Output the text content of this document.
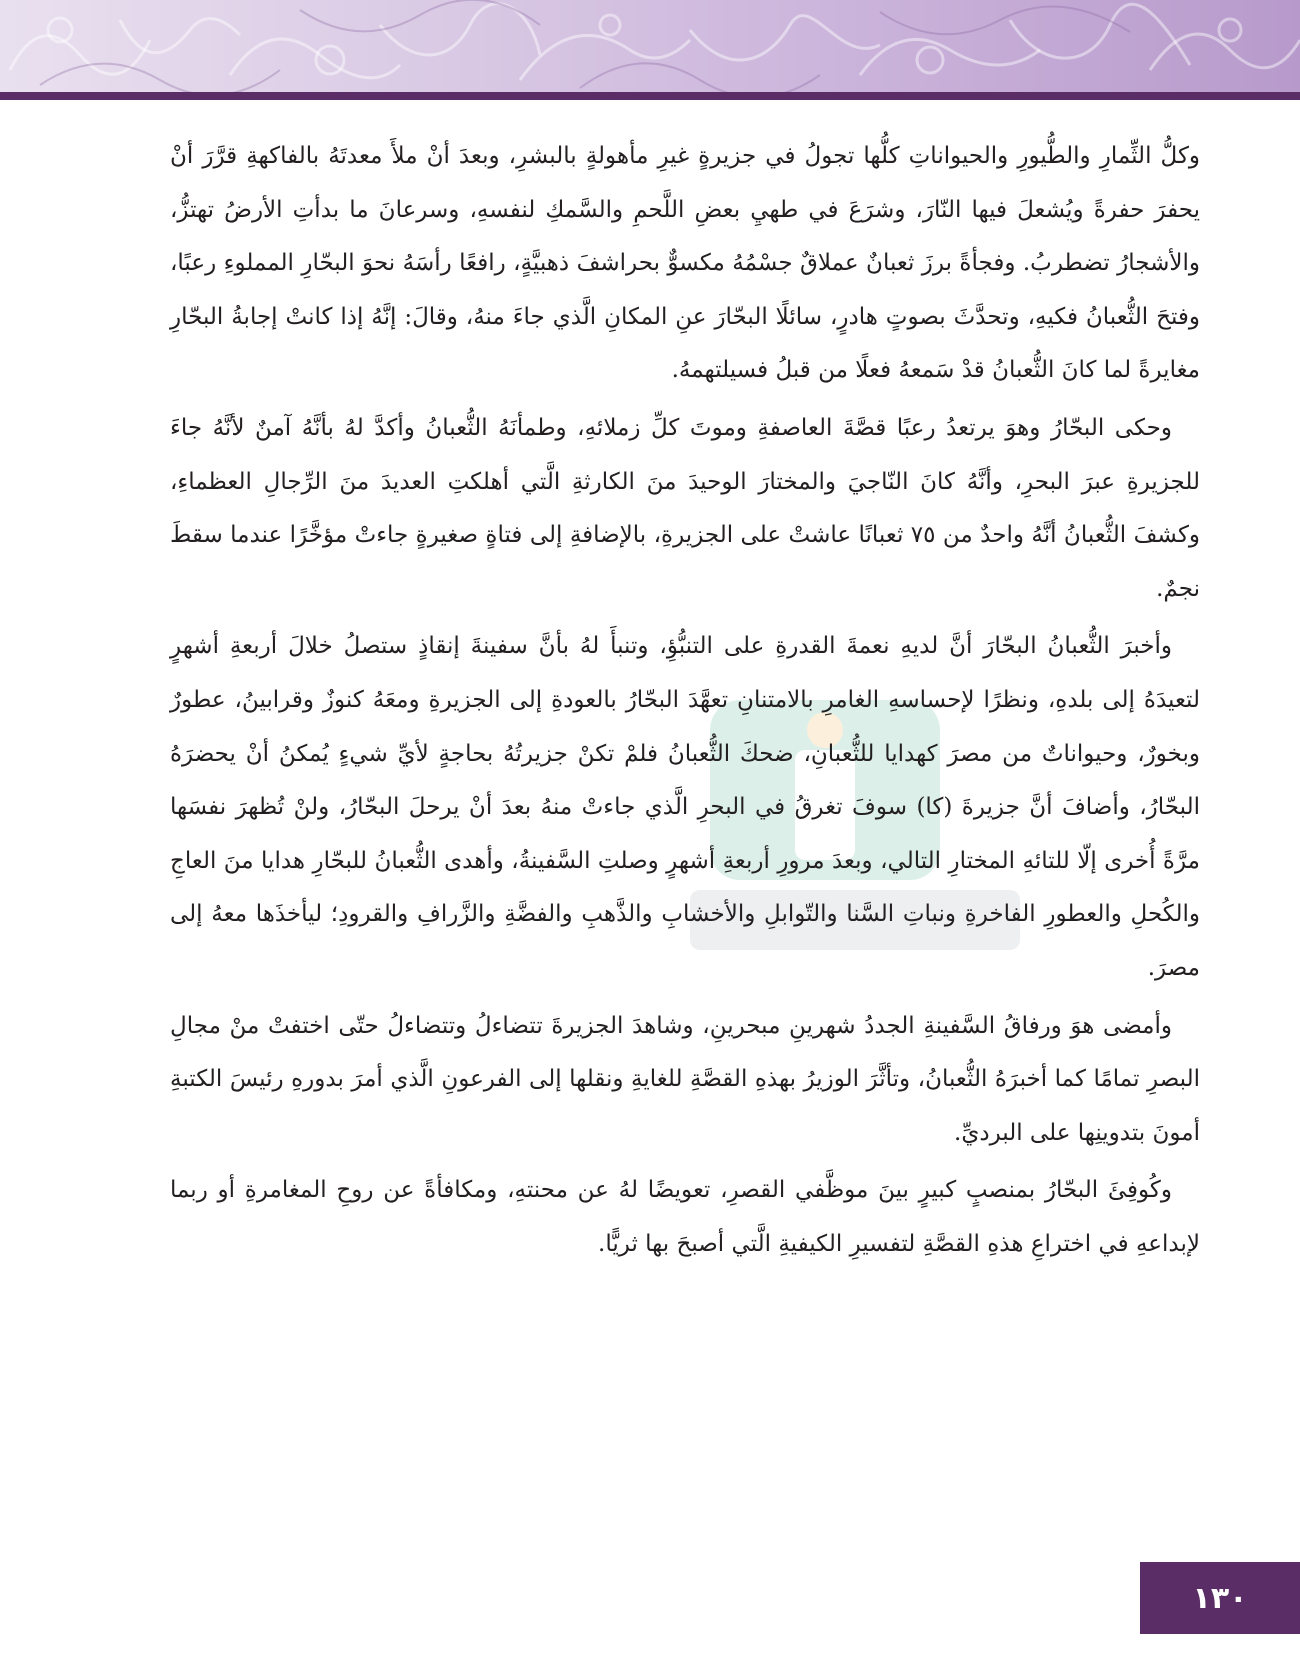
وكلُّ الثِّمارِ والطُّيورِ والحيواناتِ كلُّها تجولُ في جزيرةٍ غيرِ مأهولةٍ بالبشرِ، وبعدَ أنْ ملأَ معدتَهُ بالفاكهةِ قرَّرَ أنْ يحفرَ حفرةً ويُشعلَ فيها النّارَ، وشرَعَ في طهيِ بعضِ اللَّحمِ والسَّمكِ لنفسهِ، وسرعانَ ما بدأتِ الأرضُ تهتزُّ، والأشجارُ تضطربُ. وفجأةً برزَ ثعبانٌ عملاقٌ جسْمُهُ مكسوٌّ بحراشفَ ذهبيَّةٍ، رافعًا رأسَهُ نحوَ البحّارِ المملوءِ رعبًا، وفتحَ الثُّعبانُ فكيهِ، وتحدَّثَ بصوتٍ هادرٍ، سائلًا البحّارَ عنِ المكانِ الَّذي جاءَ منهُ، وقالَ: إنَّهُ إذا كانتْ إجابةُ البحّارِ مغايرةً لما كانَ الثُّعبانُ قدْ سَمعهُ فعلًا من قبلُ فسيلتهمهُ.

وحكى البحّارُ وهوَ يرتعدُ رعبًا قصَّةَ العاصفةِ وموتَ كلِّ زملائهِ، وطمأنَهُ الثُّعبانُ وأكدَّ لهُ بأنَّهُ آمنٌ لأنَّهُ جاءَ للجزيرةِ عبرَ البحرِ، وأنَّهُ كانَ النّاجيَ والمختارَ الوحيدَ منَ الكارثةِ الَّتي أهلكتِ العديدَ منَ الرِّجالِ العظماءِ، وكشفَ الثُّعبانُ أنَّهُ واحدٌ من ٧٥ ثعبانًا عاشتْ على الجزيرةِ، بالإضافةِ إلى فتاةٍ صغيرةٍ جاءتْ مؤخَّرًا عندما سقطَ نجمٌ.

وأخبرَ الثُّعبانُ البحّارَ أنَّ لديهِ نعمةَ القدرةِ على التنبُّؤِ، وتنبأَ لهُ بأنَّ سفينةَ إنقاذٍ ستصلُ خلالَ أربعةِ أشهرٍ لتعيدَهُ إلى بلدهِ، ونظرًا لإحساسهِ الغامرِ بالامتنانِ تعهَّدَ البحّارُ بالعودةِ إلى الجزيرةِ ومعَهُ كنوزٌ وقرابينُ، عطورٌ وبخورٌ، وحيواناتٌ من مصرَ كهدايا للثُّعبانِ، ضحكَ الثُّعبانُ فلمْ تكنْ جزيرتُهُ بحاجةٍ لأيِّ شيءٍ يُمكنُ أنْ يحضرَهُ البحّارُ، وأضافَ أنَّ جزيرةَ (كا) سوفَ تغرقُ في البحرِ الَّذي جاءتْ منهُ بعدَ أنْ يرحلَ البحّارُ، ولنْ تُظهرَ نفسَها مرَّةً أُخرى إلّا للتائهِ المختارِ التالي، وبعدَ مرورِ أربعةِ أشهرٍ وصلتِ السَّفينةُ، وأهدى الثُّعبانُ للبحّارِ هدايا منَ العاجِ والكُحلِ والعطورِ الفاخرةِ ونباتِ السَّنا والتّوابلِ والأخشابِ والذَّهبِ والفضَّةِ والزَّرافِ والقرودِ؛ ليأخذَها معهُ إلى مصرَ.

وأمضى هوَ ورفاقُ السَّفينةِ الجددُ شهرينِ مبحرينِ، وشاهدَ الجزيرةَ تتضاءلُ وتتضاءلُ حتّى اختفتْ منْ مجالِ البصرِ تمامًا كما أخبرَهُ الثُّعبانُ، وتأثَّرَ الوزيرُ بهذهِ القصَّةِ للغايةِ ونقلها إلى الفرعونِ الَّذي أمرَ بدورهِ رئيسَ الكتبةِ أمونَ بتدوينِها على البرديِّ.

وكُوفِئَ البحّارُ بمنصبٍ كبيرٍ بينَ موظَّفي القصرِ، تعويضًا لهُ عن محنتهِ، ومكافأةً عن روحِ المغامرةِ أو ربما لإبداعهِ في اختراعِ هذهِ القصَّةِ لتفسيرِ الكيفيةِ الَّتي أصبحَ بها ثريًّا.

١٣٠
